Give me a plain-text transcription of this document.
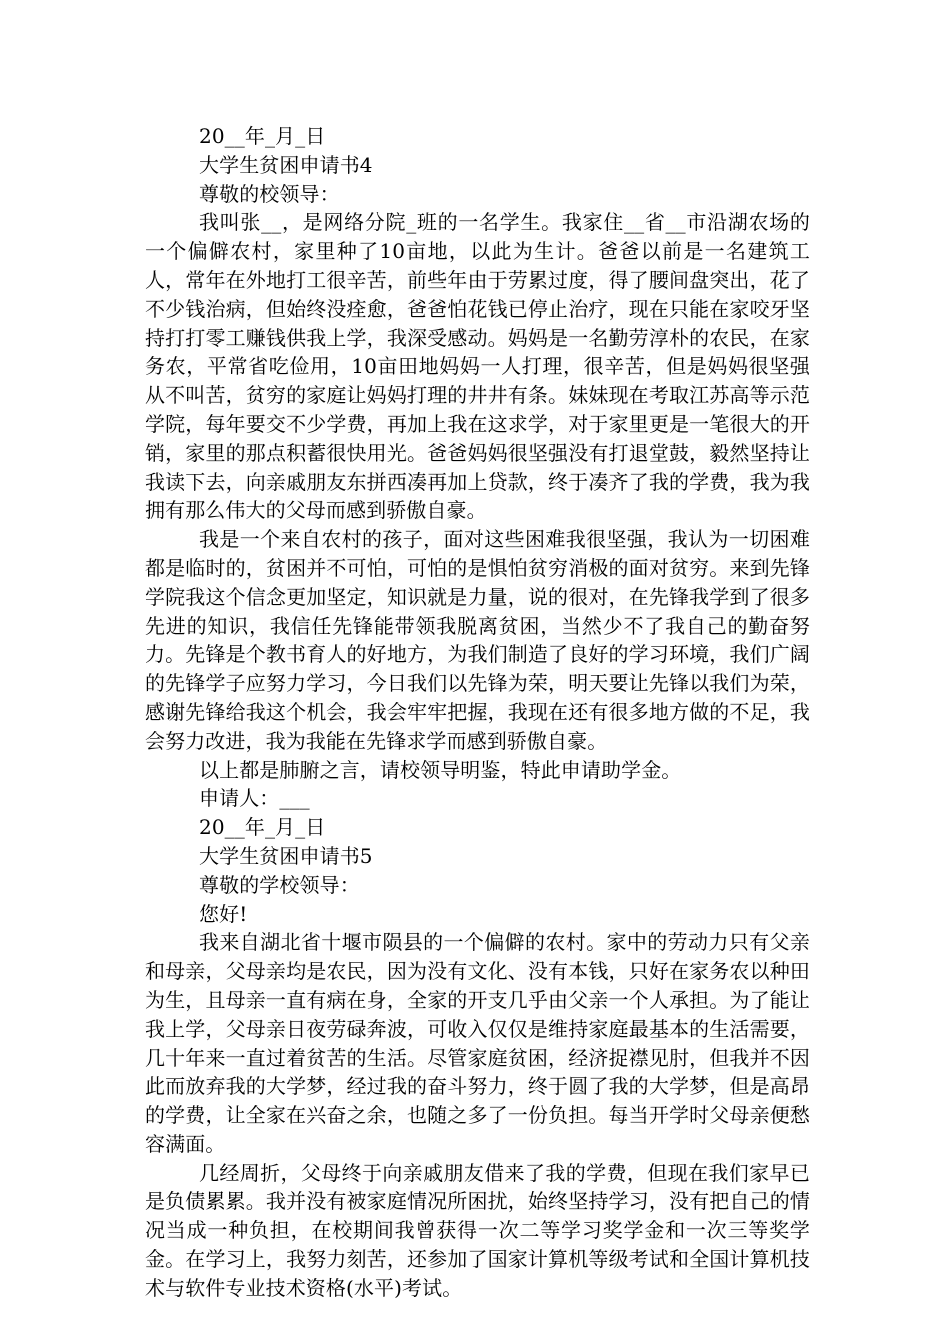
20__年_月_日
大学生贫困申请书4
尊敬的校领导：
我叫张__，是网络分院_班的一名学生。我家住__省__市沿湖农场的一个偏僻农村，家里种了10亩地，以此为生计。爸爸以前是一名建筑工人，常年在外地打工很辛苦，前些年由于劳累过度，得了腰间盘突出，花了不少钱治病，但始终没痊愈，爸爸怕花钱已停止治疗，现在只能在家咬牙坚持打打零工赚钱供我上学，我深受感动。妈妈是一名勤劳淳朴的农民，在家务农，平常省吃俭用，10亩田地妈妈一人打理，很辛苦，但是妈妈很坚强从不叫苦，贫穷的家庭让妈妈打理的井井有条。妹妹现在考取江苏高等示范学院，每年要交不少学费，再加上我在这求学，对于家里更是一笔很大的开销，家里的那点积蓄很快用光。爸爸妈妈很坚强没有打退堂鼓，毅然坚持让我读下去，向亲戚朋友东拼西凑再加上贷款，终于凑齐了我的学费，我为我拥有那么伟大的父母而感到骄傲自豪。
我是一个来自农村的孩子，面对这些困难我很坚强，我认为一切困难都是临时的，贫困并不可怕，可怕的是惧怕贫穷消极的面对贫穷。来到先锋学院我这个信念更加坚定，知识就是力量，说的很对，在先锋我学到了很多先进的知识，我信任先锋能带领我脱离贫困，当然少不了我自己的勤奋努力。先锋是个教书育人的好地方，为我们制造了良好的学习环境，我们广阔的先锋学子应努力学习，今日我们以先锋为荣，明天要让先锋以我们为荣，感谢先锋给我这个机会，我会牢牢把握，我现在还有很多地方做的不足，我会努力改进，我为我能在先锋求学而感到骄傲自豪。
以上都是肺腑之言，请校领导明鉴，特此申请助学金。
申请人：___
20__年_月_日
大学生贫困申请书5
尊敬的学校领导：
您好!
我来自湖北省十堰市陨县的一个偏僻的农村。家中的劳动力只有父亲和母亲，父母亲均是农民，因为没有文化、没有本钱，只好在家务农以种田为生，且母亲一直有病在身，全家的开支几乎由父亲一个人承担。为了能让我上学，父母亲日夜劳碌奔波，可收入仅仅是维持家庭最基本的生活需要，几十年来一直过着贫苦的生活。尽管家庭贫困，经济捉襟见肘，但我并不因此而放弃我的大学梦，经过我的奋斗努力，终于圆了我的大学梦，但是高昂的学费，让全家在兴奋之余，也随之多了一份负担。每当开学时父母亲便愁容满面。
几经周折，父母终于向亲戚朋友借来了我的学费，但现在我们家早已是负债累累。我并没有被家庭情况所困扰，始终坚持学习，没有把自己的情况当成一种负担，在校期间我曾获得一次二等学习奖学金和一次三等奖学金。在学习上，我努力刻苦，还参加了国家计算机等级考试和全国计算机技术与软件专业技术资格(水平)考试。
